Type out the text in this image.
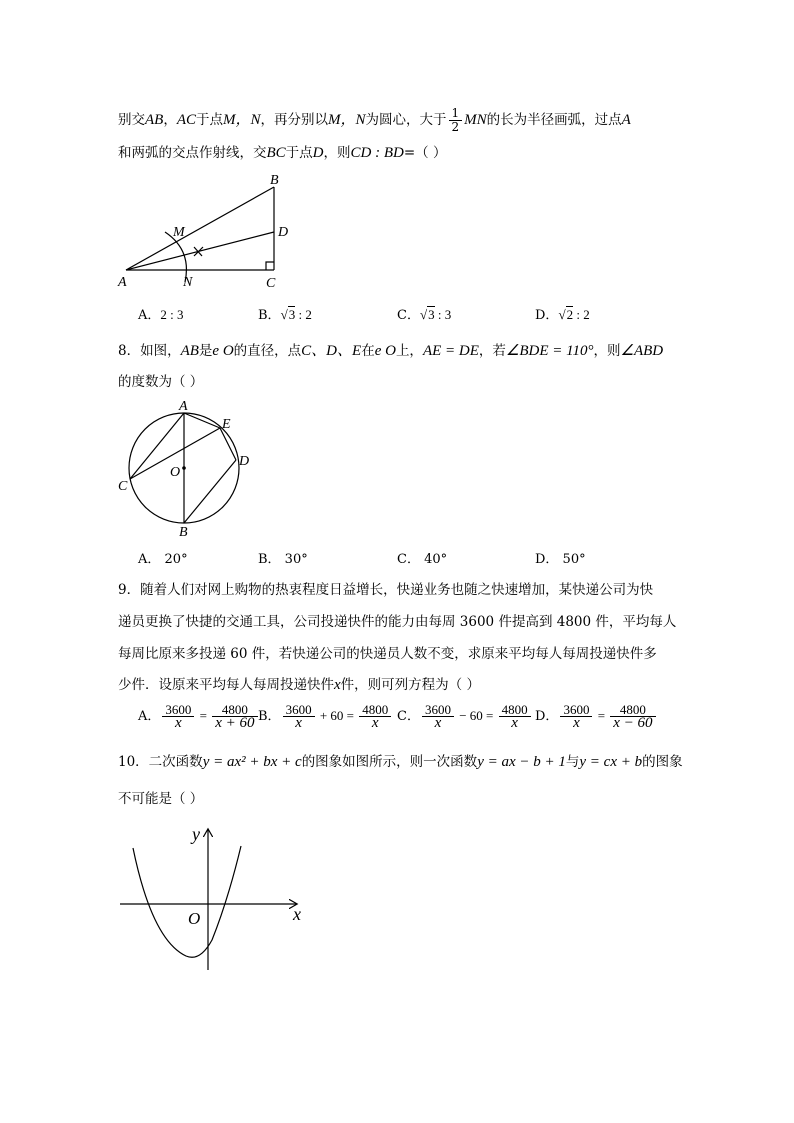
别交AB，AC于点M，N，再分别以M，N为圆心，大于 $\frac{1}{2}$ MN的长为半径画弧，过点A
和两弧的交点作射线，交BC于点D，则CD : BD=（ ）
B
M	D
A	N	C
A．2 : 3	B．√3 : 2	C．√3 : 3	D．√2 : 2
8．如图，AB是e O的直径，点C、D、E在e O上，AE = DE，若∠BDE = 110°，则∠ABD
的度数为（ ）
A
E
D
O
C
B
A． 20°	B． 30°	C． 40°	D． 50°
9．随着人们对网上购物的热衷程度日益增长，快递业务也随之快速增加，某快递公司为快
递员更换了快捷的交通工具，公司投递快件的能力由每周 3600 件提高到 4800 件，平均每人
每周比原来多投递 60 件，若快递公司的快递员人数不变，求原来平均每人每周投递快件多
少件．设原来平均每人每周投递快件x件，则可列方程为（ ）
A． $\frac{3600}{x} = \frac{4800}{x + 60}$ B． $\frac{3600}{x} + 60 = \frac{4800}{x}$ C． $\frac{3600}{x} - 60 = \frac{4800}{x}$ D． $\frac{3600}{x} = \frac{4800}{x - 60}$
10．二次函数y = ax² + bx + c的图象如图所示，则一次函数y = ax − b + 1与y = cx + b的图象
不可能是（ ）
y
O	x
